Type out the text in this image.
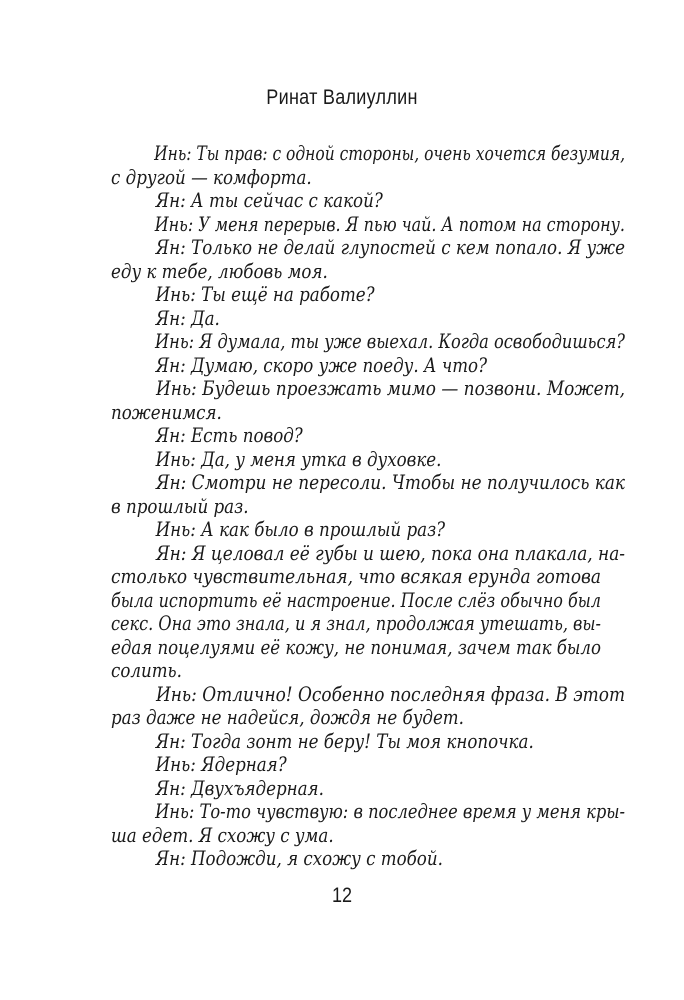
Ринат Валиуллин

Инь: Ты прав: с одной стороны, очень хочется безумия,

с другой — комфорта.

Ян: А ты сейчас с какой?

Инь: У меня перерыв. Я пью чай. А потом на сторону.

Ян: Только не делай глупостей с кем попало. Я уже

еду к тебе, любовь моя.

Инь: Ты ещё на работе?

Ян: Да.

Инь: Я думала, ты уже выехал. Когда освободишься?

Ян: Думаю, скоро уже поеду. А что?

Инь: Будешь проезжать мимо — позвони. Может,

поженимся.

Ян: Есть повод?

Инь: Да, у меня утка в духовке.

Ян: Смотри не пересоли. Чтобы не получилось как

в прошлый раз.

Инь: А как было в прошлый раз?

Ян: Я целовал её губы и шею, пока она плакала, на-

столько чувствительная, что всякая ерунда готова

была испортить её настроение. После слёз обычно был

секс. Она это знала, и я знал, продолжая утешать, вы-

едая поцелуями её кожу, не понимая, зачем так было

солить.

Инь: Отлично! Особенно последняя фраза. В этот

раз даже не надейся, дождя не будет.

Ян: Тогда зонт не беру! Ты моя кнопочка.

Инь: Ядерная?

Ян: Двухъядерная.

Инь: То-то чувствую: в последнее время у меня кры-

ша едет. Я схожу с ума.

Ян: Подожди, я схожу с тобой.

12
